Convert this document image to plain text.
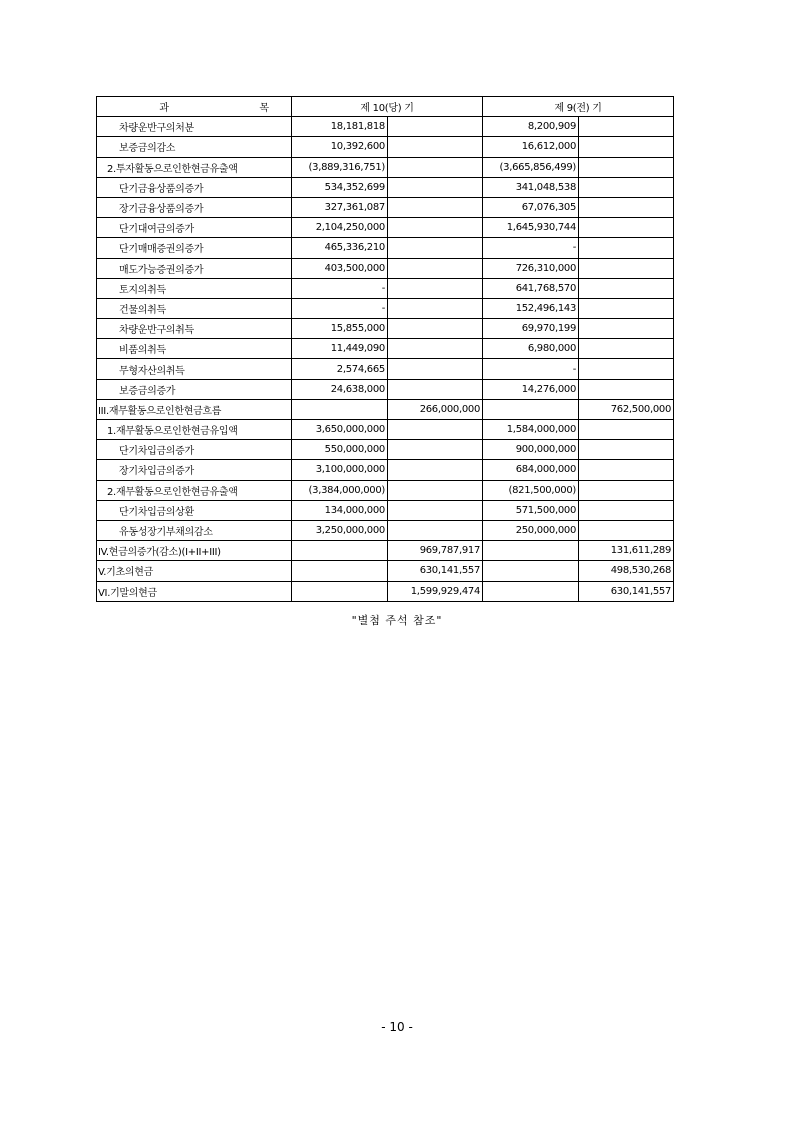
과 목	제 10(당) 기		제 9(전) 기	
차량운반구의처분	18,181,818		8,200,909	
보증금의감소	10,392,600		16,612,000	
2.투자활동으로인한현금유출액	(3,889,316,751)		(3,665,856,499)	
단기금융상품의증가	534,352,699		341,048,538	
장기금융상품의증가	327,361,087		67,076,305	
단기대여금의증가	2,104,250,000		1,645,930,744	
단기매매증권의증가	465,336,210		-	
매도가능증권의증가	403,500,000		726,310,000	
토지의취득	-		641,768,570	
건물의취득	-		152,496,143	
차량운반구의취득	15,855,000		69,970,199	
비품의취득	11,449,090		6,980,000	
무형자산의취득	2,574,665		-	
보증금의증가	24,638,000		14,276,000	
III.재무활동으로인한현금흐름		266,000,000		762,500,000
1.재무활동으로인한현금유입액	3,650,000,000		1,584,000,000	
단기차입금의증가	550,000,000		900,000,000	
장기차입금의증가	3,100,000,000		684,000,000	
2.재무활동으로인한현금유출액	(3,384,000,000)		(821,500,000)	
단기차입금의상환	134,000,000		571,500,000	
유동성장기부채의감소	3,250,000,000		250,000,000	
IV.현금의증가(감소)(I+II+III)		969,787,917		131,611,289
V.기초의현금		630,141,557		498,530,268
VI.기말의현금		1,599,929,474		630,141,557
"별첨 주석 참조"
- 10 -
